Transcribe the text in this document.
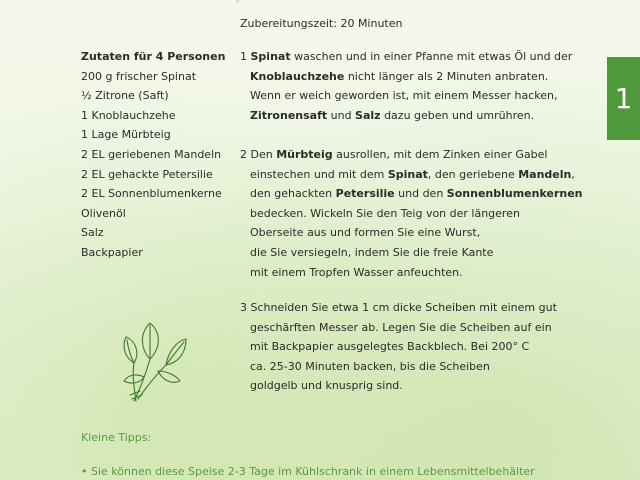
Zubereitungszeit: 20 Minuten
Zutaten für 4 Personen
200 g frischer Spinat
½ Zitrone (Saft)
1 Knoblauchzehe
1 Lage Mürbteig
2 EL geriebenen Mandeln
2 EL gehackte Petersilie
2 EL Sonnenblumenkerne
Olivenöl
Salz
Backpapier
1 Spinat waschen und in einer Pfanne mit etwas Öl und der
Knoblauchzehe nicht länger als 2 Minuten anbraten.
Wenn er weich geworden ist, mit einem Messer hacken,
Zitronensaft und Salz dazu geben und umrühren.
2 Den Mürbteig ausrollen, mit dem Zinken einer Gabel
einstechen und mit dem Spinat, den geriebene Mandeln,
den gehackten Petersilie und den Sonnenblumenkernen
bedecken. Wickeln Sie den Teig von der längeren
Oberseite aus und formen Sie eine Wurst,
die Sie versiegeln, indem Sie die freie Kante
mit einem Tropfen Wasser anfeuchten.
3 Schneiden Sie etwa 1 cm dicke Scheiben mit einem gut
geschärften Messer ab. Legen Sie die Scheiben auf ein
mit Backpapier ausgelegtes Backblech. Bei 200° C
ca. 25-30 Minuten backen, bis die Scheiben
goldgelb und knusprig sind.
1
Kleine Tipps:
• Sie können diese Speise 2-3 Tage im Kühlschrank in einem Lebensmittelbehälter
